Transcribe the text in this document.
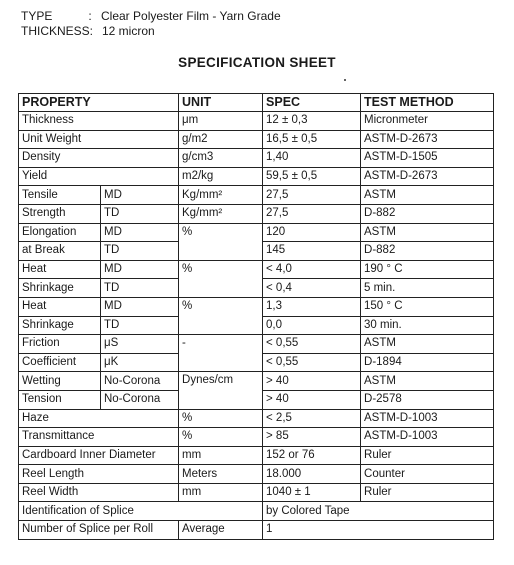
TYPE	: Clear Polyester Film - Yarn Grade
THICKNESS: 12 micron
SPECIFICATION SHEET
PROPERTY		UNIT	SPEC	TEST METHOD
Thickness		μm	12 ± 0,3	Micronmeter
Unit Weight		g/m2	16,5 ± 0,5	ASTM-D-2673
Density		g/cm3	1,40	ASTM-D-1505
Yield		m2/kg	59,5 ± 0,5	ASTM-D-2673
Tensile	MD	Kg/mm²	27,5	ASTM
Strength	TD	Kg/mm²	27,5	D-882
Elongation	MD	%	120	ASTM
at Break	TD		145	D-882
Heat	MD	%	< 4,0	190 ° C
Shrinkage	TD		< 0,4	5 min.
Heat	MD	%	1,3	150 ° C
Shrinkage	TD		0,0	30 min.
Friction	μS	-	< 0,55	ASTM
Coefficient	μK		< 0,55	D-1894
Wetting	No-Corona	Dynes/cm	> 40	ASTM
Tension	No-Corona		> 40	D-2578
Haze		%	< 2,5	ASTM-D-1003
Transmittance		%	> 85	ASTM-D-1003
Cardboard Inner Diameter		mm	152 or 76	Ruler
Reel Length		Meters	18.000	Counter
Reel Width		mm	1040 ± 1	Ruler
Identification of Splice			by Colored Tape	
Number of Splice per Roll		Average	1	
